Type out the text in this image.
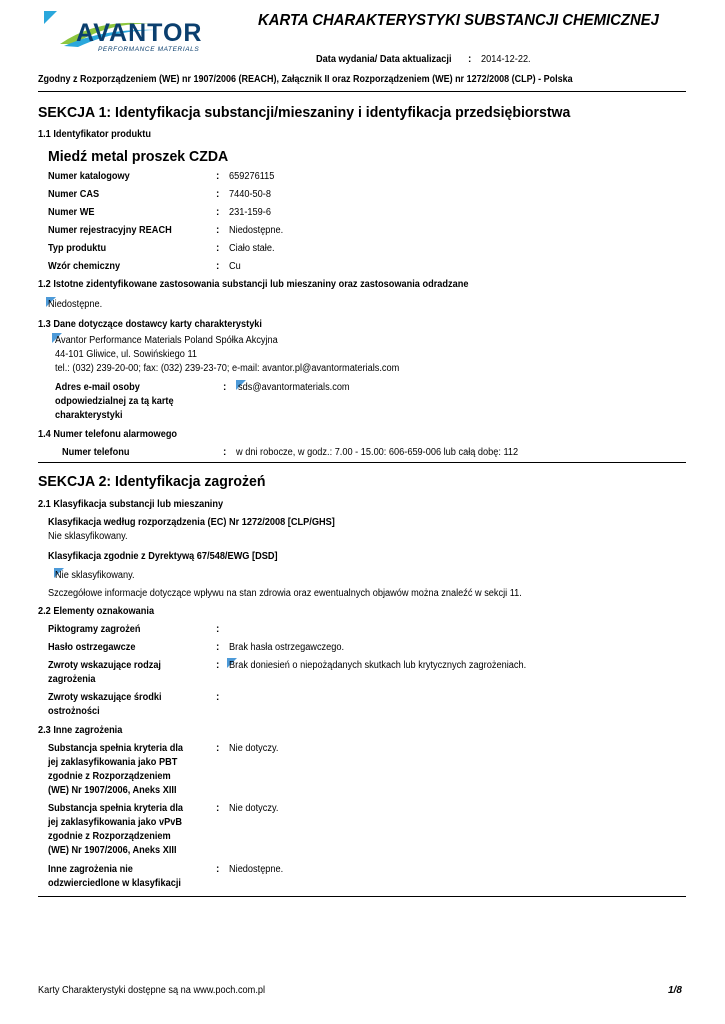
AVANTOR
PERFORMANCE MATERIALS
KARTA CHARAKTERYSTYKI SUBSTANCJI CHEMICZNEJ
Data wydania/ Data aktualizacji : 2014-12-22.
Zgodny z Rozporządzeniem (WE) nr 1907/2006 (REACH), Załącznik II oraz Rozporządzeniem (WE) nr 1272/2008 (CLP) - Polska
SEKCJA 1: Identyfikacja substancji/mieszaniny i identyfikacja przedsiębiorstwa
1.1 Identyfikator produktu
Miedź metal proszek CZDA
Numer katalogowy	: 659276115
Numer CAS	: 7440-50-8
Numer WE	: 231-159-6
Numer rejestracyjny REACH	: Niedostępne.
Typ produktu	: Ciało stałe.
Wzór chemiczny	: Cu
1.2 Istotne zidentyfikowane zastosowania substancji lub mieszaniny oraz zastosowania odradzane
Niedostępne.
1.3 Dane dotyczące dostawcy karty charakterystyki
Avantor Performance Materials Poland Spółka Akcyjna
44-101 Gliwice, ul. Sowińskiego 11
tel.: (032) 239-20-00; fax: (032) 239-23-70; e-mail: avantor.pl@avantormaterials.com
Adres e-mail osoby
odpowiedzialnej za tą kartę
charakterystyki
: sds@avantormaterials.com
1.4 Numer telefonu alarmowego
Numer telefonu	: w dni robocze, w godz.: 7.00 - 15.00: 606-659-006 lub całą dobę: 112
SEKCJA 2: Identyfikacja zagrożeń
2.1 Klasyfikacja substancji lub mieszaniny
Klasyfikacja według rozporządzenia (EC) Nr 1272/2008 [CLP/GHS]
Nie sklasyfikowany.
Klasyfikacja zgodnie z Dyrektywą 67/548/EWG [DSD]
Nie sklasyfikowany.
Szczegółowe informacje dotyczące wpływu na stan zdrowia oraz ewentualnych objawów można znaleźć w sekcji 11.
2.2 Elementy oznakowania
Piktogramy zagrożeń	:
Hasło ostrzegawcze	: Brak hasła ostrzegawczego.
Zwroty wskazujące rodzaj
zagrożenia
: Brak doniesień o niepożądanych skutkach lub krytycznych zagrożeniach.
Zwroty wskazujące środki
ostrożności
:
2.3 Inne zagrożenia
Substancja spełnia kryteria dla
jej zaklasyfikowania jako PBT
zgodnie z Rozporządzeniem
(WE) Nr 1907/2006, Aneks XIII
: Nie dotyczy.
Substancja spełnia kryteria dla
jej zaklasyfikowania jako vPvB
zgodnie z Rozporządzeniem
(WE) Nr 1907/2006, Aneks XIII
: Nie dotyczy.
Inne zagrożenia nie
odzwierciedlone w klasyfikacji
: Niedostępne.
Karty Charakterystyki dostępne są na www.poch.com.pl	1/8
